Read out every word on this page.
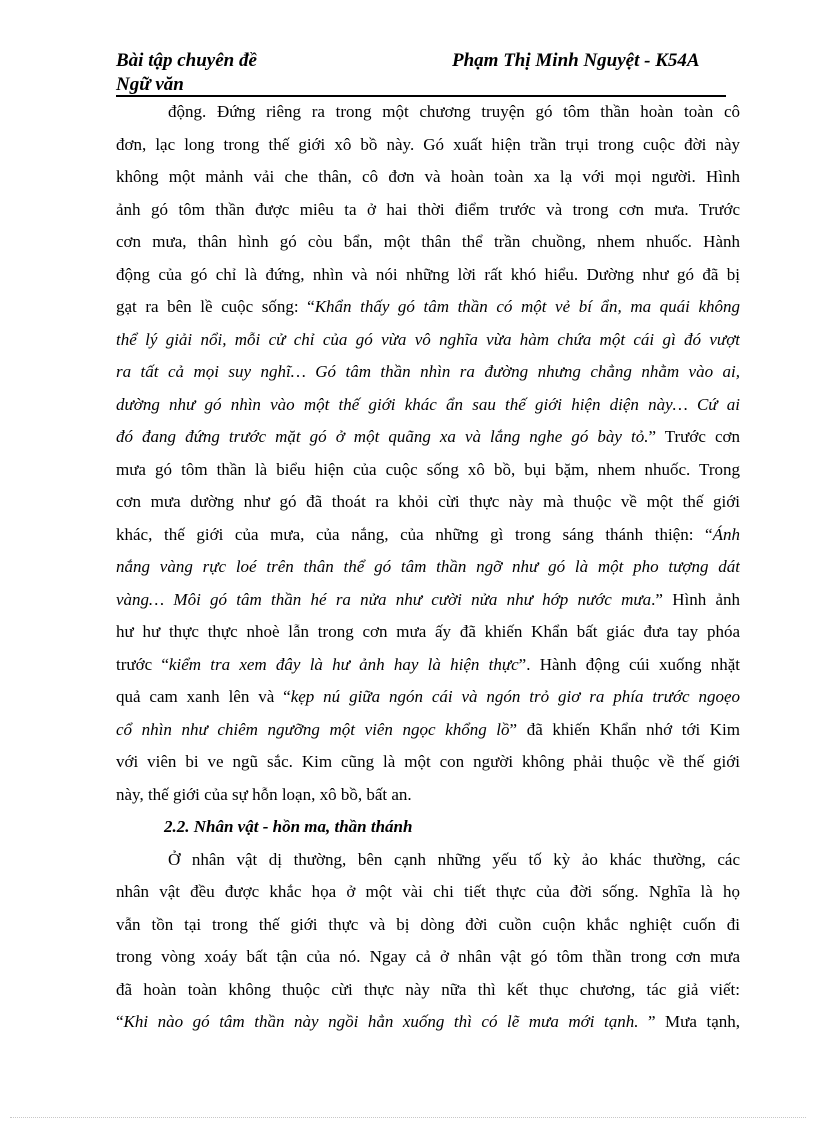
Bài tập chuyên đề
Ngữ văn
Phạm Thị Minh Nguyệt - K54A
động. Đứng riêng ra trong một chương truyện gó tôm thần hoàn toàn cô
đơn, lạc long trong thế giới xô bồ này. Gó xuất hiện trần trụi trong cuộc đời này
không một mảnh vải che thân, cô đơn và hoàn toàn xa lạ với mọi người. Hình
ảnh gó tôm thần được miêu ta ở hai thời điểm trước và trong cơn mưa. Trước
cơn mưa, thân hình gó còu bẩn, một thân thể trần chuồng, nhem nhuốc. Hành
động của gó chỉ là đứng, nhìn và nói những lời rất khó hiểu. Dường như gó đã bị
gạt ra bên lề cuộc sống: “Khẩn thấy gó tâm thần có một vẻ bí ẩn, ma quái không
thể lý giải nổi, mỗi cử chỉ của gó vừa vô nghĩa vừa hàm chứa một cái gì đó vượt
ra tất cả mọi suy nghĩ… Gó tâm thần nhìn ra đường nhưng chẳng nhằm vào ai,
dường như gó nhìn vào một thế giới khác ẩn sau thế giới hiện diện này… Cứ ai
đó đang đứng trước mặt gó ở một quãng xa và lắng nghe gó bày tỏ.” Trước cơn
mưa gó tôm thần là biểu hiện của cuộc sống xô bồ, bụi bặm, nhem nhuốc. Trong
cơn mưa dường như gó đã thoát ra khỏi cừi thực này mà thuộc về một thế giới
khác, thế giới của mưa, của nắng, của những gì trong sáng thánh thiện: “Ánh
nắng vàng rực loé trên thân thể gó tâm thần ngỡ như gó là một pho tượng dát
vàng… Môi gó tâm thần hé ra nửa như cười nửa như hớp nước mưa.” Hình ảnh
hư hư thực thực nhoè lẫn trong cơn mưa ấy đã khiến Khẩn bất giác đưa tay phóa
trước “kiểm tra xem đây là hư ảnh hay là hiện thực”. Hành động cúi xuống nhặt
quả cam xanh lên và “kẹp nú giữa ngón cái và ngón trỏ giơ ra phía trước ngoẹo
cổ nhìn như chiêm ngưỡng một viên ngọc khổng lồ” đã khiến Khẩn nhớ tới Kim
với viên bi ve ngũ sắc. Kim cũng là một con người không phải thuộc về thế giới
này, thế giới của sự hỗn loạn, xô bồ, bất an.
2.2. Nhân vật - hồn ma, thần thánh
Ở nhân vật dị thường, bên cạnh những yếu tố kỳ ảo khác thường, các
nhân vật đều được khắc họa ở một vài chi tiết thực của đời sống. Nghĩa là họ
vẫn tồn tại trong thế giới thực và bị dòng đời cuồn cuộn khắc nghiệt cuốn đi
trong vòng xoáy bất tận của nó. Ngay cả ở nhân vật gó tôm thần trong cơn mưa
đã hoàn toàn không thuộc cừi thực này nữa thì kết thục chương, tác giả viết:
“Khi nào gó tâm thần này ngồi hẳn xuống thì có lẽ mưa mới tạnh. ” Mưa tạnh,
